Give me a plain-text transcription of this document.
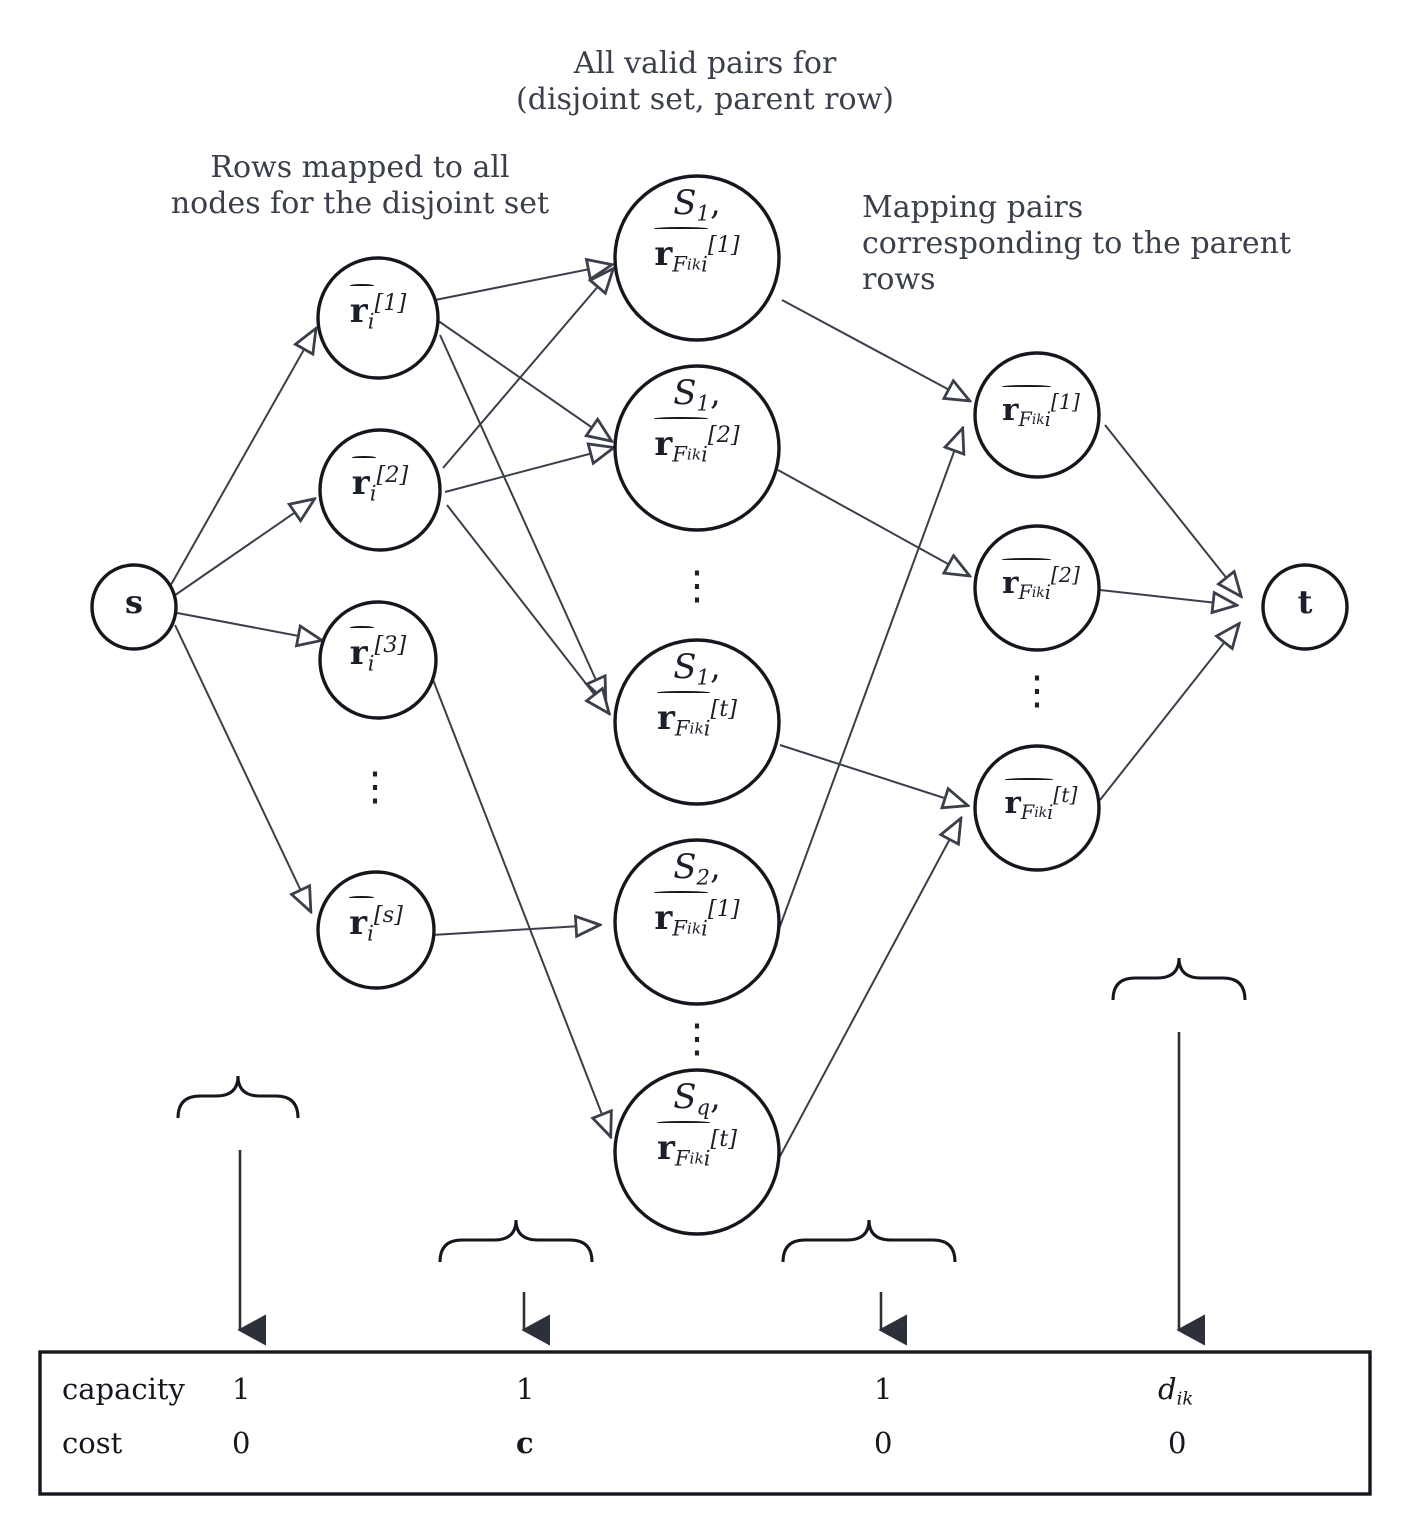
All valid pairs for
(disjoint set, parent row)
Rows mapped to all
nodes for the disjoint set	Mapping pairs
corresponding to the parent
rows
s	t
$r_i[1]$
$r_i[2]$
$r_i[3]$
$r_i[s]$
⋮
$S_1$,
$r_{Fiki}[1]$
$S_1$,
$r_{Fiki}[2]$
$S_1$,
$r_{Fiki}[t]$
$S_2$,
$r_{Fiki}[1]$
$S_q$,
$r_{Fiki}[t]$
⋮
⋮
$r_{Fiki}[1]$
$r_{Fiki}[2]$
$r_{Fiki}[t]$
⋮
capacity
cost
1
0
1
c
1
0
$d_{ik}$
0
